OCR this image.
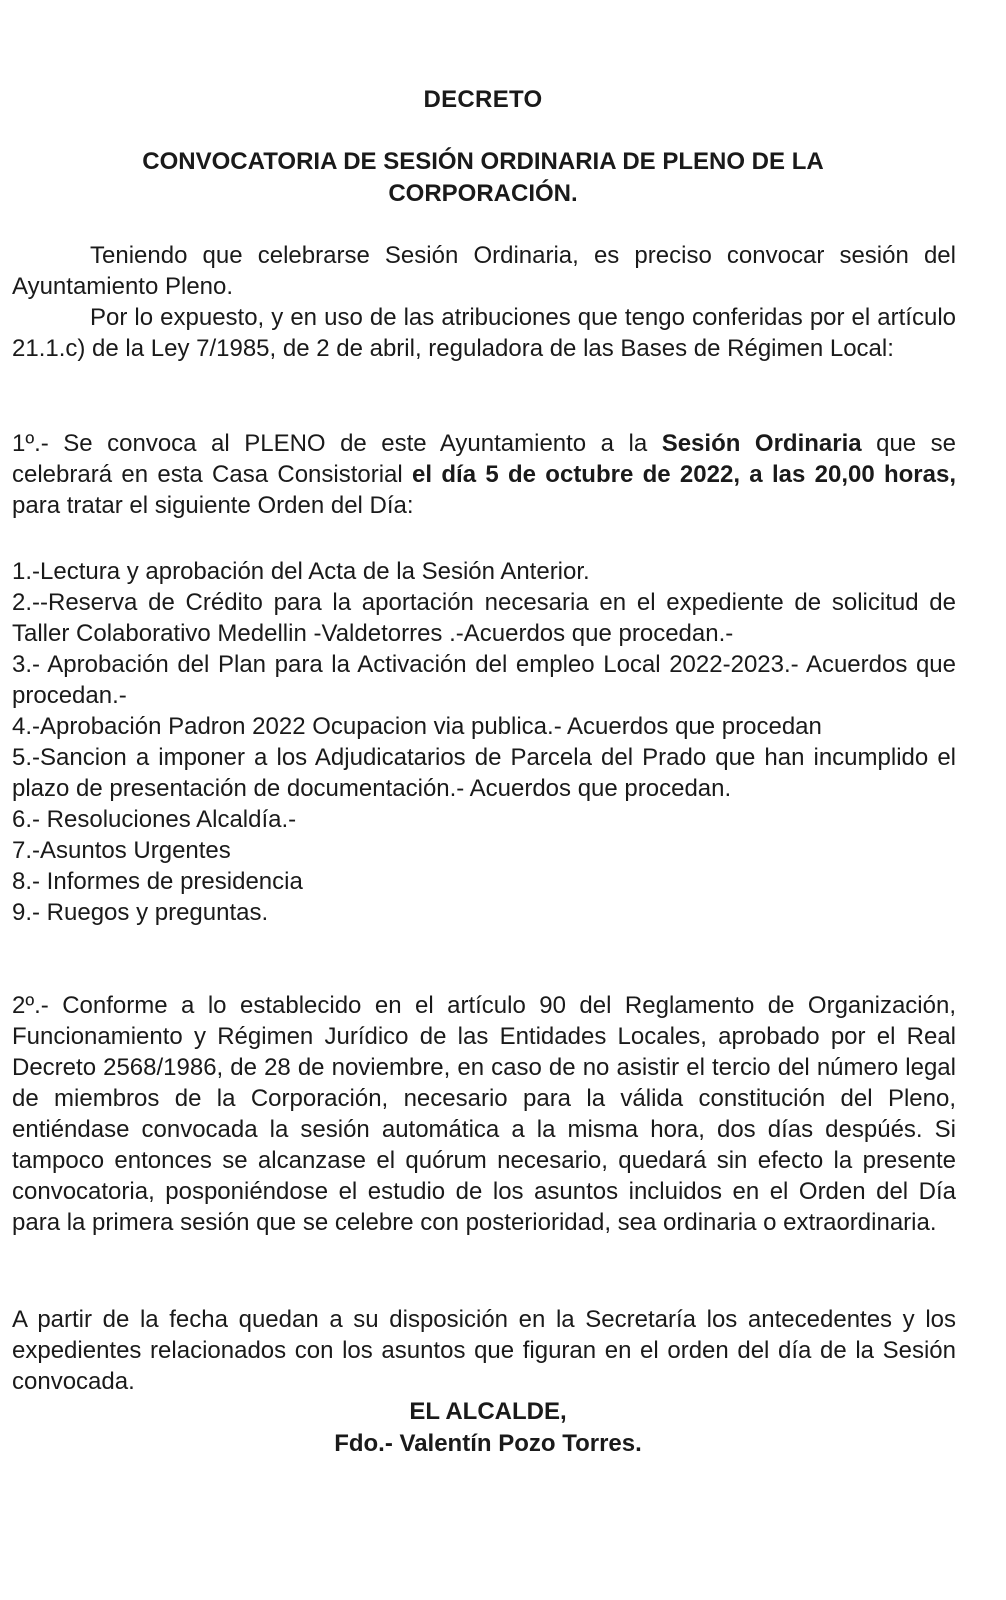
DECRETO
CONVOCATORIA DE SESIÓN ORDINARIA DE PLENO DE LA CORPORACIÓN.

Teniendo que celebrarse Sesión Ordinaria, es preciso convocar sesión del Ayuntamiento Pleno.

Por lo expuesto, y en uso de las atribuciones que tengo conferidas por el artículo 21.1.c) de la Ley 7/1985, de 2 de abril, reguladora de las Bases de Régimen Local:

1º.- Se convoca al PLENO de este Ayuntamiento a la Sesión Ordinaria que se celebrará en esta Casa Consistorial el día 5 de octubre de 2022, a las 20,00 horas, para tratar el siguiente Orden del Día:

1.-Lectura y aprobación del Acta de la Sesión Anterior.

2.--Reserva de Crédito para la aportación necesaria en el expediente de solicitud de Taller Colaborativo Medellin -Valdetorres .-Acuerdos que procedan.-

3.- Aprobación del Plan para la Activación del empleo Local 2022-2023.- Acuerdos que procedan.-

4.-Aprobación Padron 2022 Ocupacion via publica.- Acuerdos que procedan

5.-Sancion a imponer a los Adjudicatarios de Parcela del Prado que han incumplido el plazo de presentación de documentación.- Acuerdos que procedan.

6.- Resoluciones Alcaldía.-

7.-Asuntos Urgentes

8.- Informes de presidencia

9.- Ruegos y preguntas.

2º.- Conforme a lo establecido en el artículo 90 del Reglamento de Organización, Funcionamiento y Régimen Jurídico de las Entidades Locales, aprobado por el Real Decreto 2568/1986, de 28 de noviembre, en caso de no asistir el tercio del número legal de miembros de la Corporación, necesario para la válida constitución del Pleno, entiéndase convocada la sesión automática a la misma hora, dos días despúés. Si tampoco entonces se alcanzase el quórum necesario, quedará sin efecto la presente convocatoria, posponiéndose el estudio de los asuntos incluidos en el Orden del Día para la primera sesión que se celebre con posterioridad, sea ordinaria o extraordinaria.

A partir de la fecha quedan a su disposición en la Secretaría los antecedentes y los expedientes relacionados con los asuntos que figuran en el orden del día de la Sesión convocada.

EL ALCALDE,
Fdo.- Valentín Pozo Torres.
